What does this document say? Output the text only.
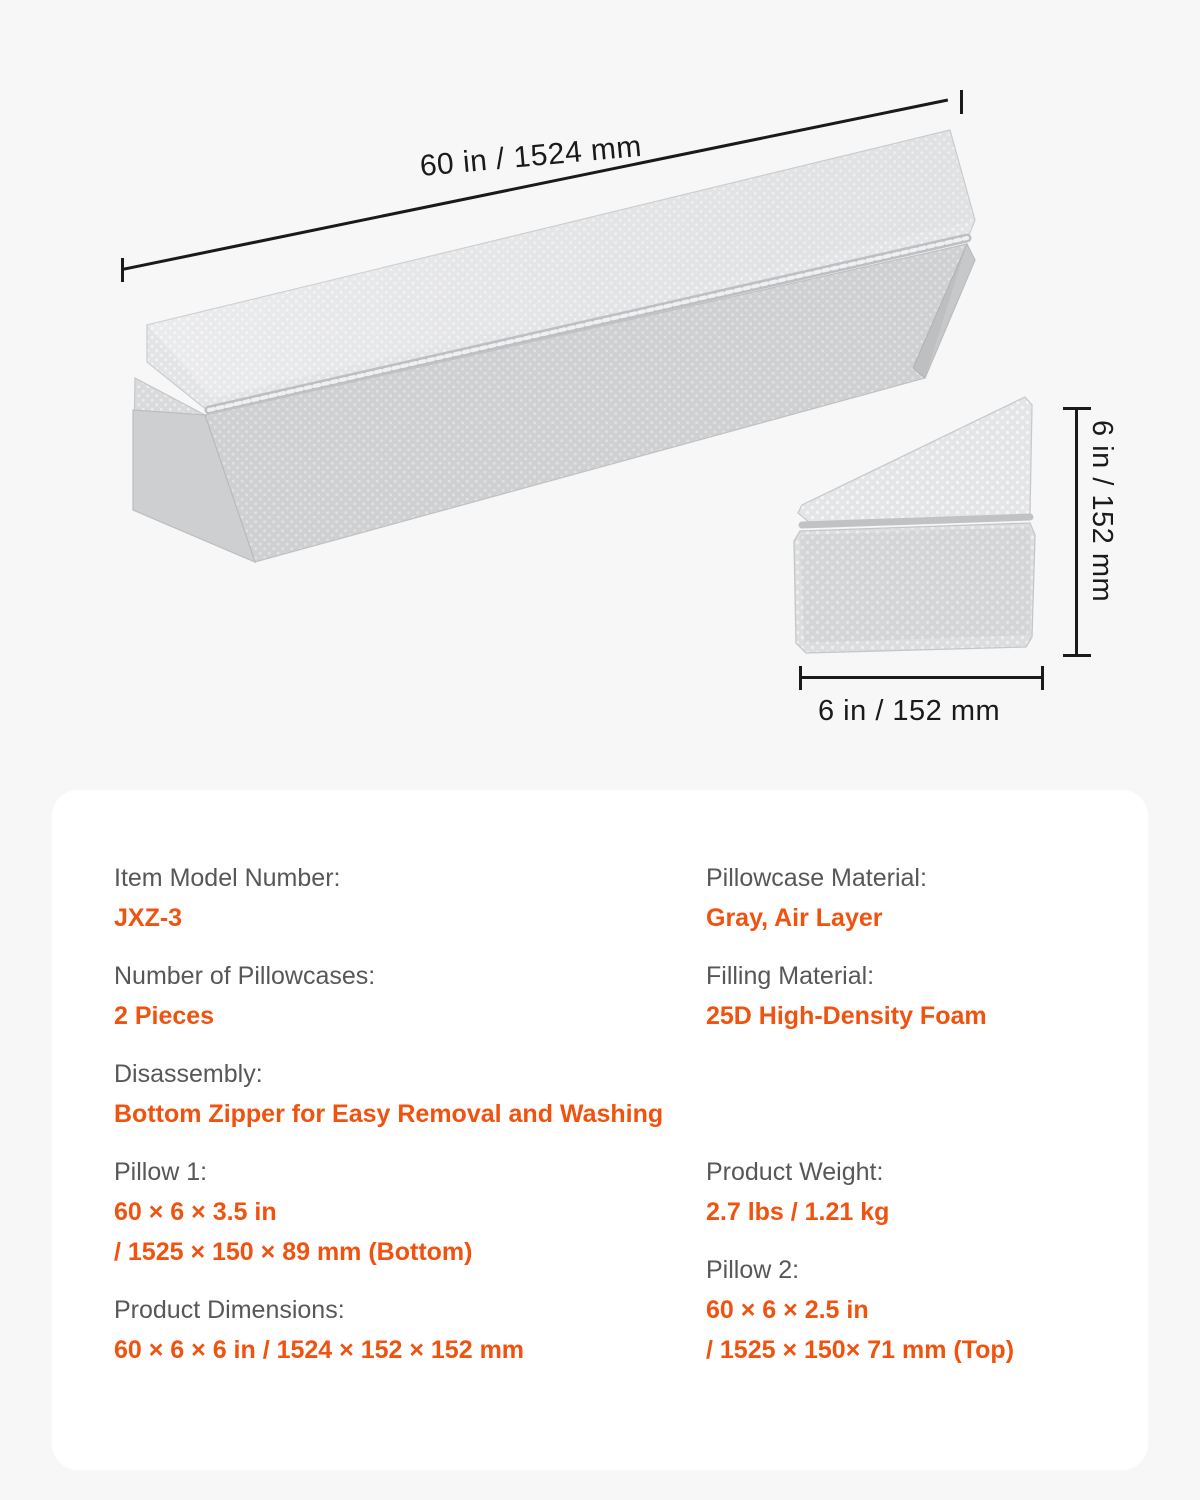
60 in / 1524 mm
6 in / 152 mm
6 in / 152 mm
Item Model Number:
JXZ-3
Number of Pillowcases:
2 Pieces
Disassembly:
Bottom Zipper for Easy Removal and Washing
Pillow 1:
60 × 6 × 3.5 in
/ 1525 × 150 × 89 mm (Bottom)
Product Dimensions:
60 × 6 × 6 in / 1524 × 152 × 152 mm
Pillowcase Material:
Gray, Air Layer
Filling Material:
25D High-Density Foam
Product Weight:
2.7 lbs / 1.21 kg
Pillow 2:
60 × 6 × 2.5 in
/ 1525 × 150× 71 mm (Top)
